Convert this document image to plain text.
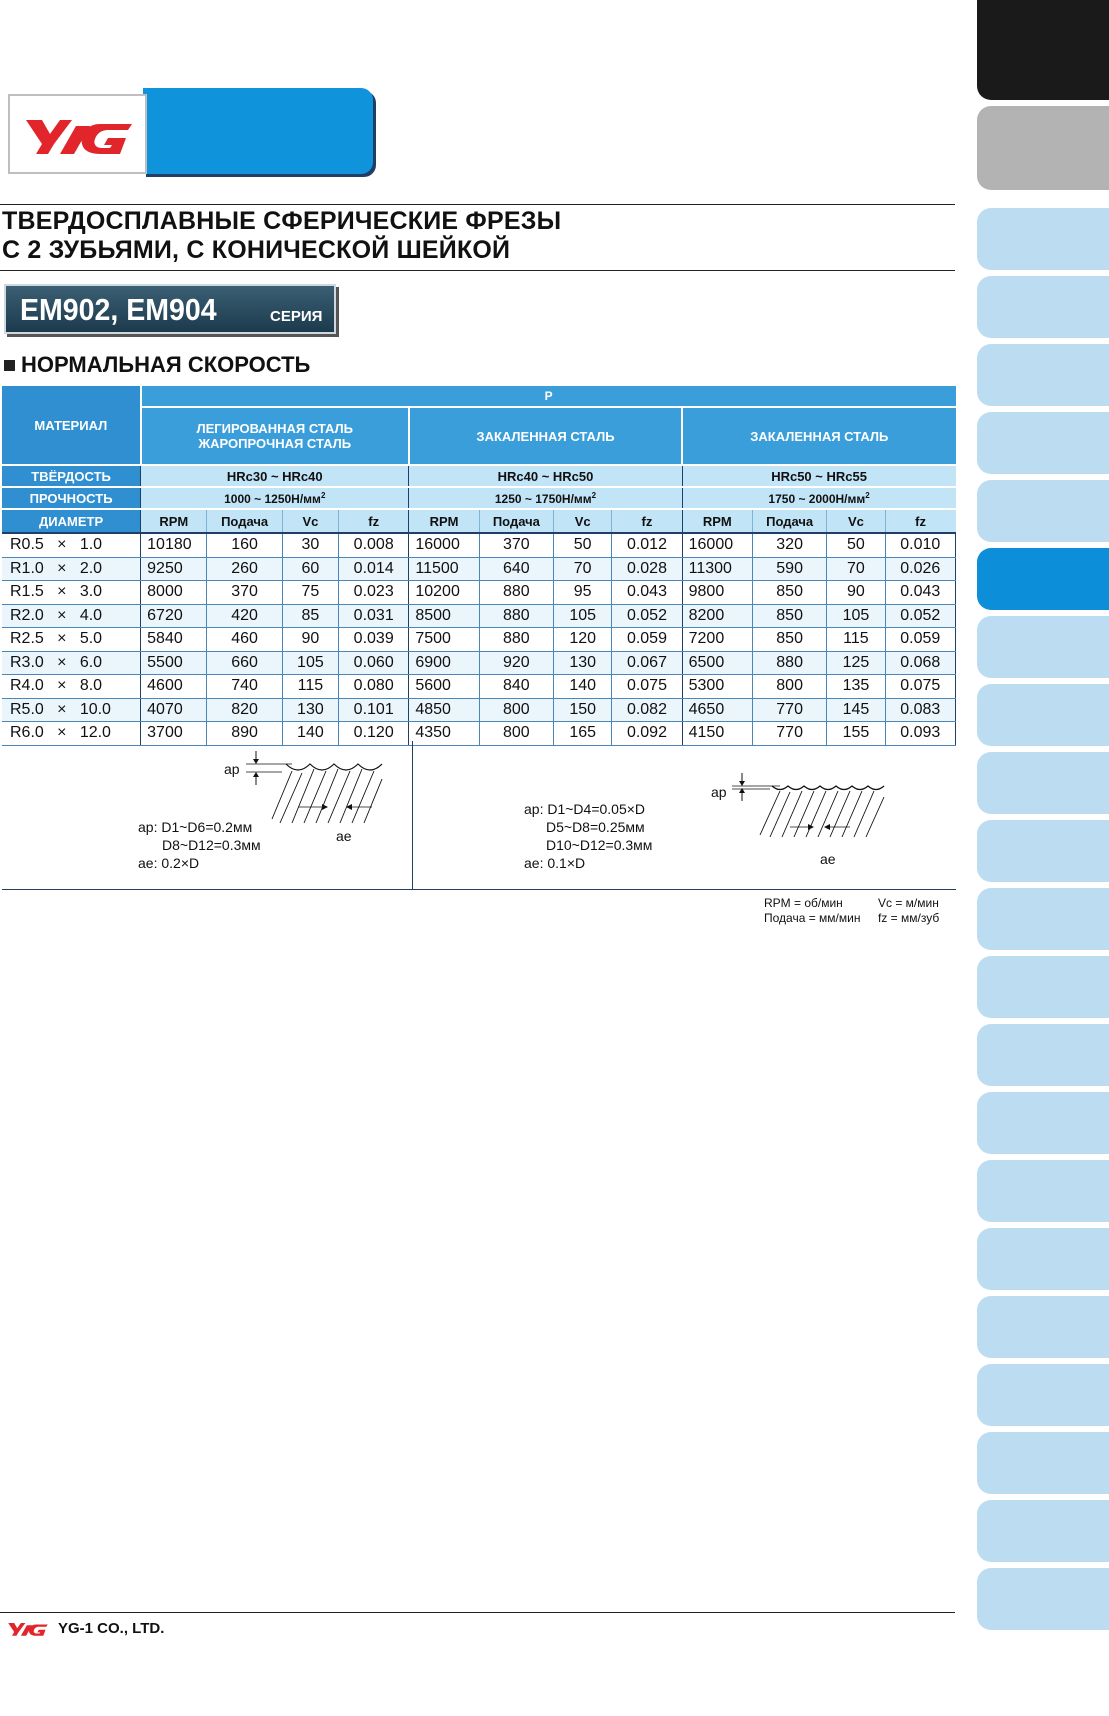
ТВЕРДОСПЛАВНЫЕ СФЕРИЧЕСКИЕ ФРЕЗЫ
С 2 ЗУБЬЯМИ, С КОНИЧЕСКОЙ ШЕЙКОЙ
EM902, EM904	СЕРИЯ
НОРМАЛЬНАЯ СКОРОСТЬ
МАТЕРИАЛ	P											

	ЛЕГИРОВАННАЯ СТАЛЬ
ЖАРОПРОЧНАЯ СТАЛЬ				ЗАКАЛЕННАЯ СТАЛЬ				ЗАКАЛЕННАЯ СТАЛЬ			
ТВЁРДОСТЬ	HRc30 ~ HRc40				HRc40 ~ HRc50				HRc50 ~ HRc55			
ПРОЧНОСТЬ	1000 ~ $1250Н/мм^2$				1250 ~ $1750Н/мм^2$				1750 ~ $2000Н/мм^2$
ДИАМЕТР	RPM	Подача	Vc	fz	RPM	Подача	Vc	fz	RPM	Подача	Vc	fz
R0.5   ×   1.0	10180	160	30	0.008	16000	370	50	0.012	16000	320	50	0.010
R1.0   ×   2.0	9250	260	60	0.014	11500	640	70	0.028	11300	590	70	0.026
R1.5   ×   3.0	8000	370	75	0.023	10200	880	95	0.043	9800	850	90	0.043
R2.0   ×   4.0	6720	420	85	0.031	8500	880	105	0.052	8200	850	105	0.052
R2.5   ×   5.0	5840	460	90	0.039	7500	880	120	0.059	7200	850	115	0.059
R3.0   ×   6.0	5500	660	105	0.060	6900	920	130	0.067	6500	880	125	0.068
R4.0   ×   8.0	4600	740	115	0.080	5600	840	140	0.075	5300	800	135	0.075
R5.0   ×   10.0	4070	820	130	0.101	4850	800	150	0.082	4650	770	145	0.083
R6.0   ×   12.0	3700	890	140	0.120	4350	800	165	0.092	4150	770	155	0.093
ap
ae
ap: D1~D6=0.2мм
D8~D12=0.3мм
ae: 0.2×D
ap
ae
ap: D1~D4=0.05×D
D5~D8=0.25мм
D10~D12=0.3мм
ae: 0.1×D
RPM = об/мин	Vc = м/мин
Подача = мм/мин fz = мм/зуб
YG-1 CO., LTD.
